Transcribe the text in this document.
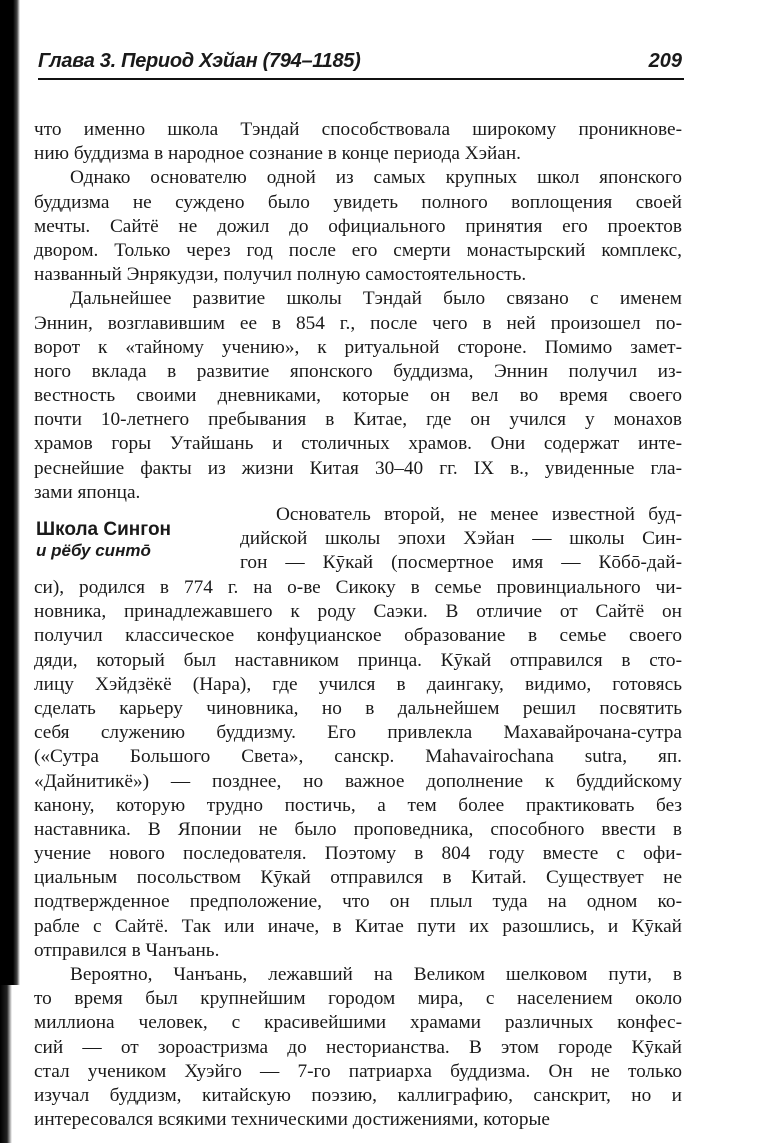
Глава 3. Период Хэйан (794–1185)	209
что именно школа Тэндай способствовала широкому проникнове-
нию буддизма в народное сознание в конце периода Хэйан.
Однако основателю одной из самых крупных школ японского
буддизма не суждено было увидеть полного воплощения своей
мечты. Сайтё не дожил до официального принятия его проектов
двором. Только через год после его смерти монастырский комплекс,
названный Энрякудзи, получил полную самостоятельность.
Дальнейшее развитие школы Тэндай было связано с именем
Эннин, возглавившим ее в 854 г., после чего в ней произошел по-
ворот к «тайному учению», к ритуальной стороне. Помимо замет-
ного вклада в развитие японского буддизма, Эннин получил из-
вестность своими дневниками, которые он вел во время своего
почти 10-летнего пребывания в Китае, где он учился у монахов
храмов горы Утайшань и столичных храмов. Они содержат инте-
реснейшие факты из жизни Китая 30–40 гг. IX в., увиденные гла-
зами японца.
Школа Сингон
и рёбу синтō
Основатель второй, не менее известной буд-
дийской школы эпохи Хэйан — школы Син-
гон — Кӯкай (посмертное имя — Кōбō-дай-
си), родился в 774 г. на о-ве Сикоку в семье провинциального чи-
новника, принадлежавшего к роду Саэки. В отличие от Сайтё он
получил классическое конфуцианское образование в семье своего
дяди, который был наставником принца. Кӯкай отправился в сто-
лицу Хэйдзёкё (Нара), где учился в даингаку, видимо, готовясь
сделать карьеру чиновника, но в дальнейшем решил посвятить
себя служению буддизму. Его привлекла Махавайрочана-сутра
(«Сутра Большого Света», санскр. Mahavairochana sutra, яп.
«Дайнитикё») — позднее, но важное дополнение к буддийскому
канону, которую трудно постичь, а тем более практиковать без
наставника. В Японии не было проповедника, способного ввести в
учение нового последователя. Поэтому в 804 году вместе с офи-
циальным посольством Кӯкай отправился в Китай. Существует не
подтвержденное предположение, что он плыл туда на одном ко-
рабле с Сайтё. Так или иначе, в Китае пути их разошлись, и Кӯкай
отправился в Чанъань.
Вероятно, Чанъань, лежавший на Великом шелковом пути, в
то время был крупнейшим городом мира, с населением около
миллиона человек, с красивейшими храмами различных конфес-
сий — от зороастризма до несторианства. В этом городе Кӯкай
стал учеником Хуэйго — 7-го патриарха буддизма. Он не только
изучал буддизм, китайскую поэзию, каллиграфию, санскрит, но и
интересовался всякими техническими достижениями, которые
